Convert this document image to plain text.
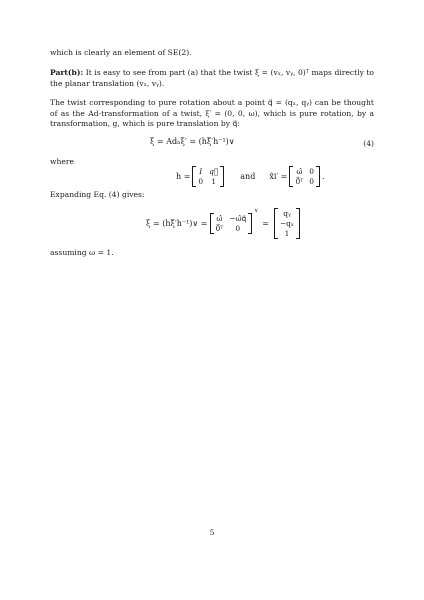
which is clearly an element of SE(2).
Part(b): It is easy to see from part (a) that the twist ξ = (vₓ, vᵧ, 0)ᵀ maps directly to the planar translation (vₓ, vᵧ).
The twist corresponding to pure rotation about a point q⃗ = (qₓ, qᵧ) can be thought of as the Ad-transformation of a twist, ξ′ = (0, 0, ω), which is pure rotation, by a transformation, g, which is pure translation by q⃗:
ξ = Adₕξ′ = (hξ̂′h⁻¹)∨	(4)
where
h =
I q⃗
0	1
and x̂i′ =
ω̂ 0
0⃗ᵀ 0
.
Expanding Eq. (4) gives:
ξ = (hξ̂′h⁻¹)∨ =
ω̂ −ω̂q⃗
0⃗ᵀ	0
∨
=
qᵧ
−qₓ
1
assuming ω = 1.
5
